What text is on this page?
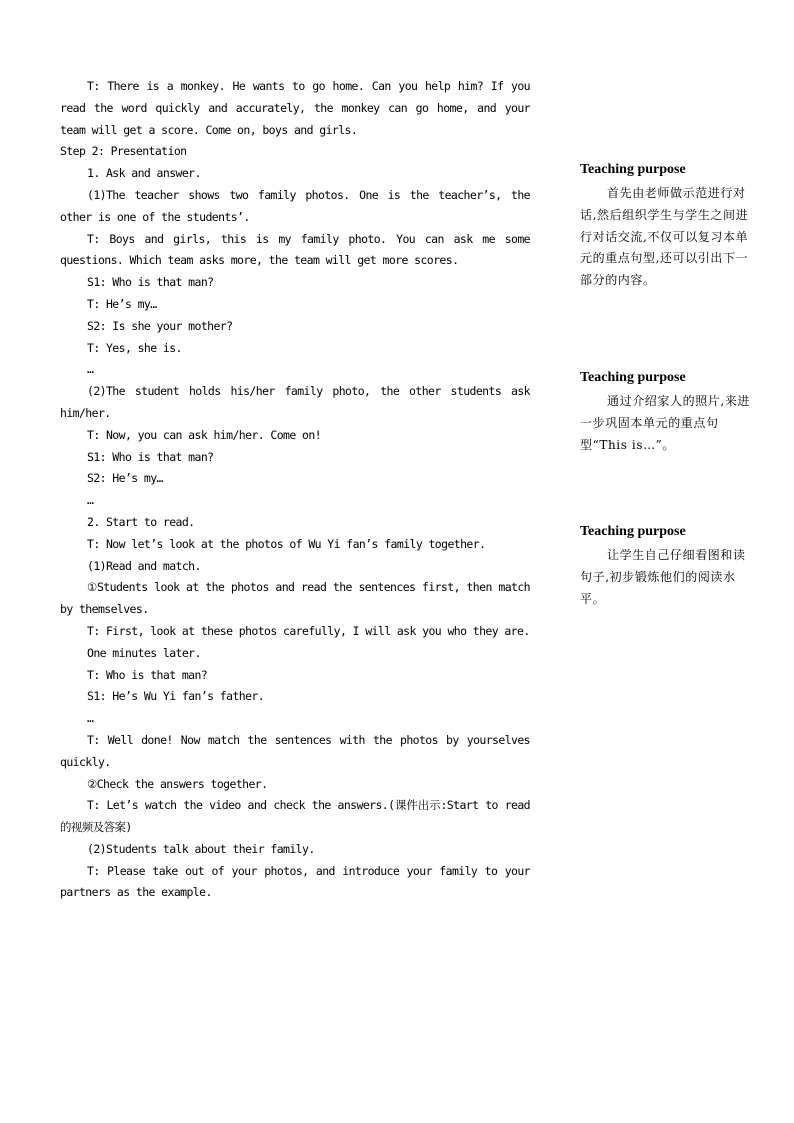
T: There is a monkey. He wants to go home. Can you help him? If you read the word quickly and accurately, the monkey can go home, and your team will get a score. Come on, boys and girls.

Step 2: Presentation

1. Ask and answer.

(1)The teacher shows two family photos. One is the teacher’s, the other is one of the students’.

T: Boys and girls, this is my family photo. You can ask me some questions. Which team asks more, the team will get more scores.

S1: Who is that man?

T: He’s my…

S2: Is she your mother?

T: Yes, she is.

…

(2)The student holds his/her family photo, the other students ask him/her.

T: Now, you can ask him/her. Come on!

S1: Who is that man?

S2: He’s my…

…

2. Start to read.

T: Now let’s look at the photos of Wu Yi fan’s family together.

(1)Read and match.

①Students look at the photos and read the sentences first, then match by themselves.

T: First, look at these photos carefully, I will ask you who they are.

One minutes later.

T: Who is that man?

S1: He’s Wu Yi fan’s father.

…

T: Well done! Now match the sentences with the photos by yourselves quickly.

②Check the answers together.

T: Let’s watch the video and check the answers.(课件出示:Start to read的视频及答案)

(2)Students talk about their family.

T: Please take out of your photos, and introduce your family to your partners as the example.

Teaching purpose

首先由老师做示范进行对话,然后组织学生与学生之间进行对话交流,不仅可以复习本单元的重点句型,还可以引出下一部分的内容。

Teaching purpose

通过介绍家人的照片,来进一步巩固本单元的重点句型“This is…”。

Teaching purpose

让学生自己仔细看图和读句子,初步锻炼他们的阅读水平。
